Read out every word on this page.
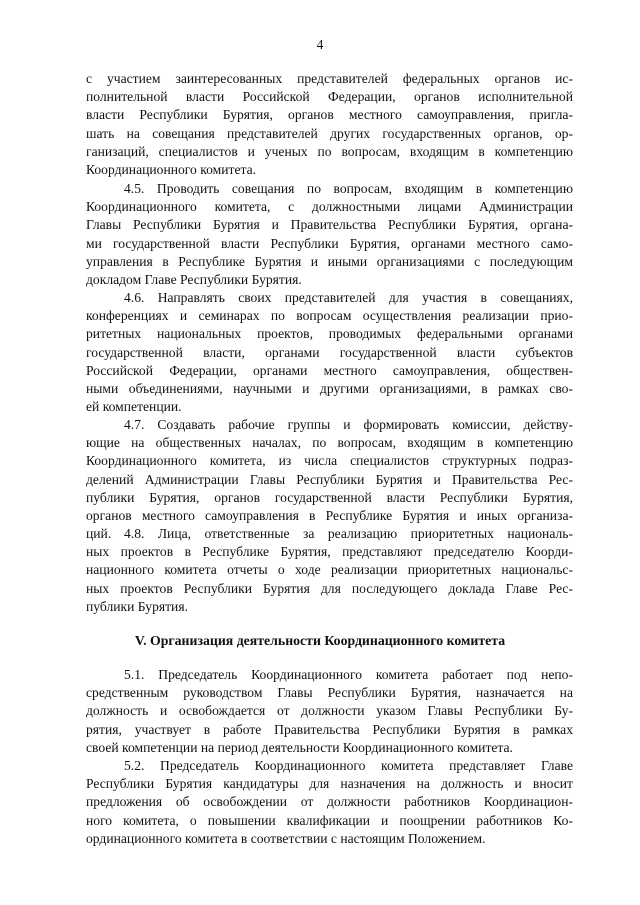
4
с участием заинтересованных представителей федеральных органов ис-
полнительной власти Российской Федерации, органов исполнительной
власти Республики Бурятия, органов местного самоуправления, пригла-
шать на совещания представителей других государственных органов, ор-
ганизаций, специалистов и ученых по вопросам, входящим в компетенцию
Координационного комитета.
4.5. Проводить совещания по вопросам, входящим в компетенцию
Координационного комитета, с должностными лицами Администрации
Главы Республики Бурятия и Правительства Республики Бурятия, органа-
ми государственной власти Республики Бурятия, органами местного само-
управления в Республике Бурятия и иными организациями с последующим
докладом Главе Республики Бурятия.
4.6. Направлять своих представителей для участия в совещаниях,
конференциях и семинарах по вопросам осуществления реализации прио-
ритетных национальных проектов, проводимых федеральными органами
государственной власти, органами государственной власти субъектов
Российской Федерации, органами местного самоуправления, обществен-
ными объединениями, научными и другими организациями, в рамках сво-
ей компетенции.
4.7. Создавать рабочие группы и формировать комиссии, действу-
ющие на общественных началах, по вопросам, входящим в компетенцию
Координационного комитета, из числа специалистов структурных подраз-
делений Администрации Главы Республики Бурятия и Правительства Рес-
публики Бурятия, органов государственной власти Республики Бурятия,
органов местного самоуправления в Республике Бурятия и иных организа-
ций. 4.8. Лица, ответственные за реализацию приоритетных националь-
ных проектов в Республике Бурятия, представляют председателю Коорди-
национного комитета отчеты о ходе реализации приоритетных национальс-
ных проектов Республики Бурятия для последующего доклада Главе Рес-
публики Бурятия.
V. Организация деятельности Координационного комитета
5.1. Председатель Координационного комитета работает под непо-
средственным руководством Главы Республики Бурятия, назначается на
должность и освобождается от должности указом Главы Республики Бу-
рятия, участвует в работе Правительства Республики Бурятия в рамках
своей компетенции на период деятельности Координационного комитета.
5.2. Председатель Координационного комитета представляет Главе
Республики Бурятия кандидатуры для назначения на должность и вносит
предложения об освобождении от должности работников Координацион-
ного комитета, о повышении квалификации и поощрении работников Ко-
ординационного комитета в соответствии с настоящим Положением.
